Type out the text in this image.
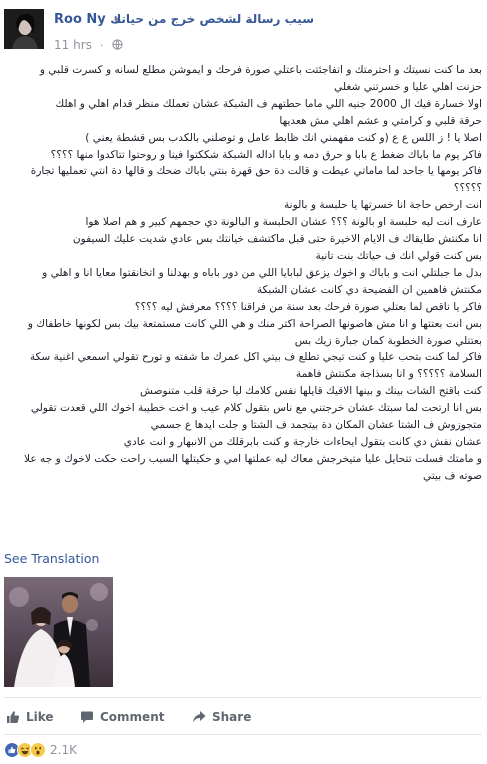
Roo Ny سيب رسالة لشخص خرج من حياتك
11 hrs ·

بعد ما كنت نسيتك و احترمتك و اتفاجئتت باعتلي صورة فرحك و ايموشن مطلع لسانه و كسرت قلبي و

حزنت اهلي عليا و خسرتني شغلي

اولا خسارة فيك ال 2000 جنيه اللي ماما حطتهم ف الشبكة عشان تعملك منظر قدام اهلي و اهلك

حرقة قلبي و كرامتي و عشم اهلي مش هعديها

اصلا يا ! ز اللس ع ع (و كنت مفهمني انك ظابط عامل و توصلني بالكدب بس قشطة يعني )

فاكر يوم ما باباك ضغط ع بابا و حرق دمه و بابا اداله الشبكة شككتوا فينا و روحتوا تتاكدوا منها ؟؟؟؟

فاكر يومها يا جاحد لما ماماتي عيطت و قالت دة حق قهرة بنتي باباك ضحك و قالها دة انتي تعمليها تجارة

؟؟؟؟؟

انت ارخص حاجة انا خسرتها يا حلبسة و بالونة

عارف انت ليه حلبسة او بالونة ؟؟؟ عشان الحلبسة و البالونة دي حجمهم كبير و هم اصلا هوا

انا مكنتش طايقاك ف الايام الاخيرة حتى قبل ماكتشف خيانتك بس عادي شديت عليك السيفون

بس كنت قولي انك ف حياتك بنت تانية

بدل ما جبلتلي انت و باباك و اخوك يزعق لبابايا اللي من دور باباه و بهدلنا و اتخانقتوا معايا انا و اهلي و

مكنتش فاهمين ان الفضيحة دي كانت عشان الشبكة

فاكر يا ناقص لما بعتلي صورة فرحك بعد سنة من فراقنا ؟؟؟؟ معرفش ليه ؟؟؟؟

بس انت بعتتها و انا مش هاصونها الصراحة اكتر منك و هي اللي كانت مستمتعة بيك بس لكونها خاطفاك و

بعتتلي صورة الخطوبة كمان جبارة زيك بس

فاكر لما كنت بتحب عليا و كنت تيجي تطلع ف بيتي اكل عمرك ما شفته و تورح تقولي اسمعي اغنية سكة

السلامة ؟؟؟؟؟ و انا بسذاجة مكنتش فاهمة

كنت باقتح الشات بينك و بينها الاقيك قايلها نفس كلامك ليا حرقة قلب متنوصش

بس انا ارتحت لما سبتك عشان خرجتني مع ناس بتقول كلام عيب و اخت خطيبة اخوك اللي قعدت تقولي

متجوزوش ف الشتا عشان المكان دة بيتجمد ف الشتا و جلت ايدها ع جسمي

عشان نفش دي كانت بتقول ايحاءات خارجة و كنت بابرقلك من الانبهار و انت عادي

و مامتك فسلت تتحايل عليا متيخرجش معاك ليه عملتها امي و حكيتلها السبب راحت حكت لاخوك و جه علا

صوته ف بيتي

See Translation
Like	Comment	Share
2.1K
